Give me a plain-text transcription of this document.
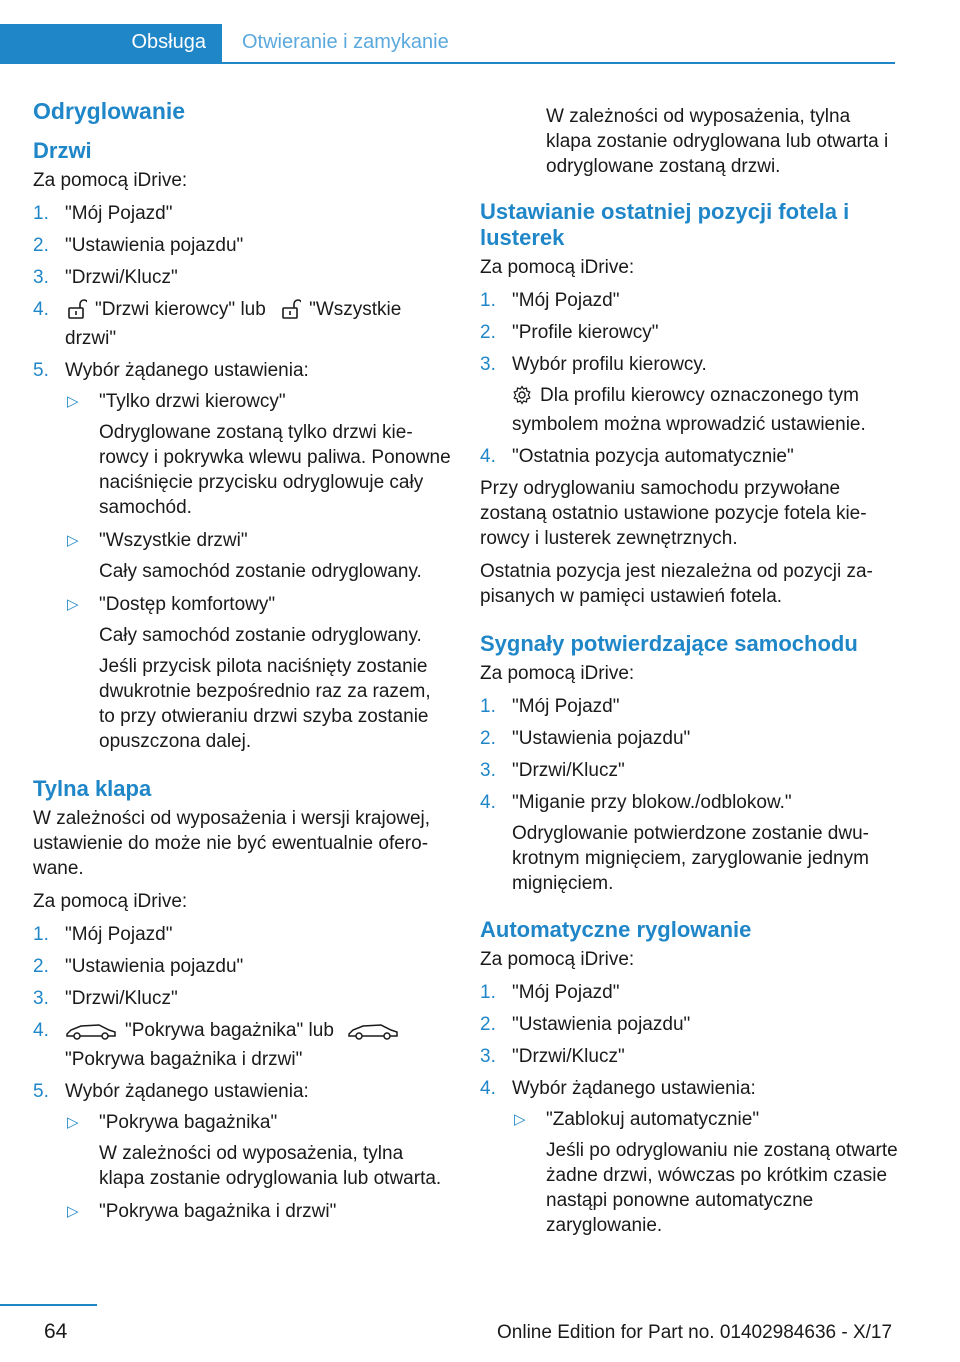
Obsługa Otwieranie i zamykanie
Odryglowanie
Drzwi

Za pomocą iDrive:

1. "Mój Pojazd"
2. "Ustawienia pojazdu"
3. "Drzwi/Klucz"
4. "Drzwi kierowcy" lub "Wszystkie drzwi"
5. Wybór żądanego ustawienia:
▷ "Tylko drzwi kierowcy"
Odryglowane zostaną tylko drzwi kierowcy i pokrywka wlewu paliwa. Ponowne naciśnięcie przycisku odryglowuje cały samochód.
▷ "Wszystkie drzwi"
Cały samochód zostanie odryglowany.
▷ "Dostęp komfortowy"
Cały samochód zostanie odryglowany.
Jeśli przycisk pilota naciśnięty zostanie dwukrotnie bezpośrednio raz za razem, to przy otwieraniu drzwi szyba zostanie opuszczona dalej.
Tylna klapa

W zależności od wyposażenia i wersji krajowej, ustawienie do może nie być ewentualnie oferowane.

Za pomocą iDrive:

1. "Mój Pojazd"
2. "Ustawienia pojazdu"
3. "Drzwi/Klucz"
4.	"Pokrywa bagażnika" lub
"Pokrywa bagażnika i drzwi"
5. Wybór żądanego ustawienia:
▷ "Pokrywa bagażnika"
W zależności od wyposażenia, tylna klapa zostanie odryglowania lub otwarta.
▷ "Pokrywa bagażnika i drzwi"

W zależności od wyposażenia, tylna klapa zostanie odryglowana lub otwarta i odryglowane zostaną drzwi.

Ustawianie ostatniej pozycji fotela i lusterek

Za pomocą iDrive:

1. "Mój Pojazd"
2. "Profile kierowcy"
3. Wybór profilu kierowcy.
Dla profilu kierowcy oznaczonego tym symbolem można wprowadzić ustawienie.
4. "Ostatnia pozycja automatycznie"

Przy odryglowaniu samochodu przywołane zostaną ostatnio ustawione pozycje fotela kierowcy i lusterek zewnętrznych.

Ostatnia pozycja jest niezależna od pozycji zapisanych w pamięci ustawień fotela.

Sygnały potwierdzające samochodu

Za pomocą iDrive:

1. "Mój Pojazd"
2. "Ustawienia pojazdu"
3. "Drzwi/Klucz"
4. "Miganie przy blokow./odblokow."
Odryglowanie potwierdzone zostanie dwukrotnym mignięciem, zaryglowanie jednym mignięciem.
Automatyczne ryglowanie

Za pomocą iDrive:

1. "Mój Pojazd"
2. "Ustawienia pojazdu"
3. "Drzwi/Klucz"
4. Wybór żądanego ustawienia:
▷ "Zablokuj automatycznie"
Jeśli po odryglowaniu nie zostaną otwarte żadne drzwi, wówczas po krótkim czasie nastąpi ponowne automatyczne zaryglowanie.
64	Online Edition for Part no. 01402984636 - X/17
